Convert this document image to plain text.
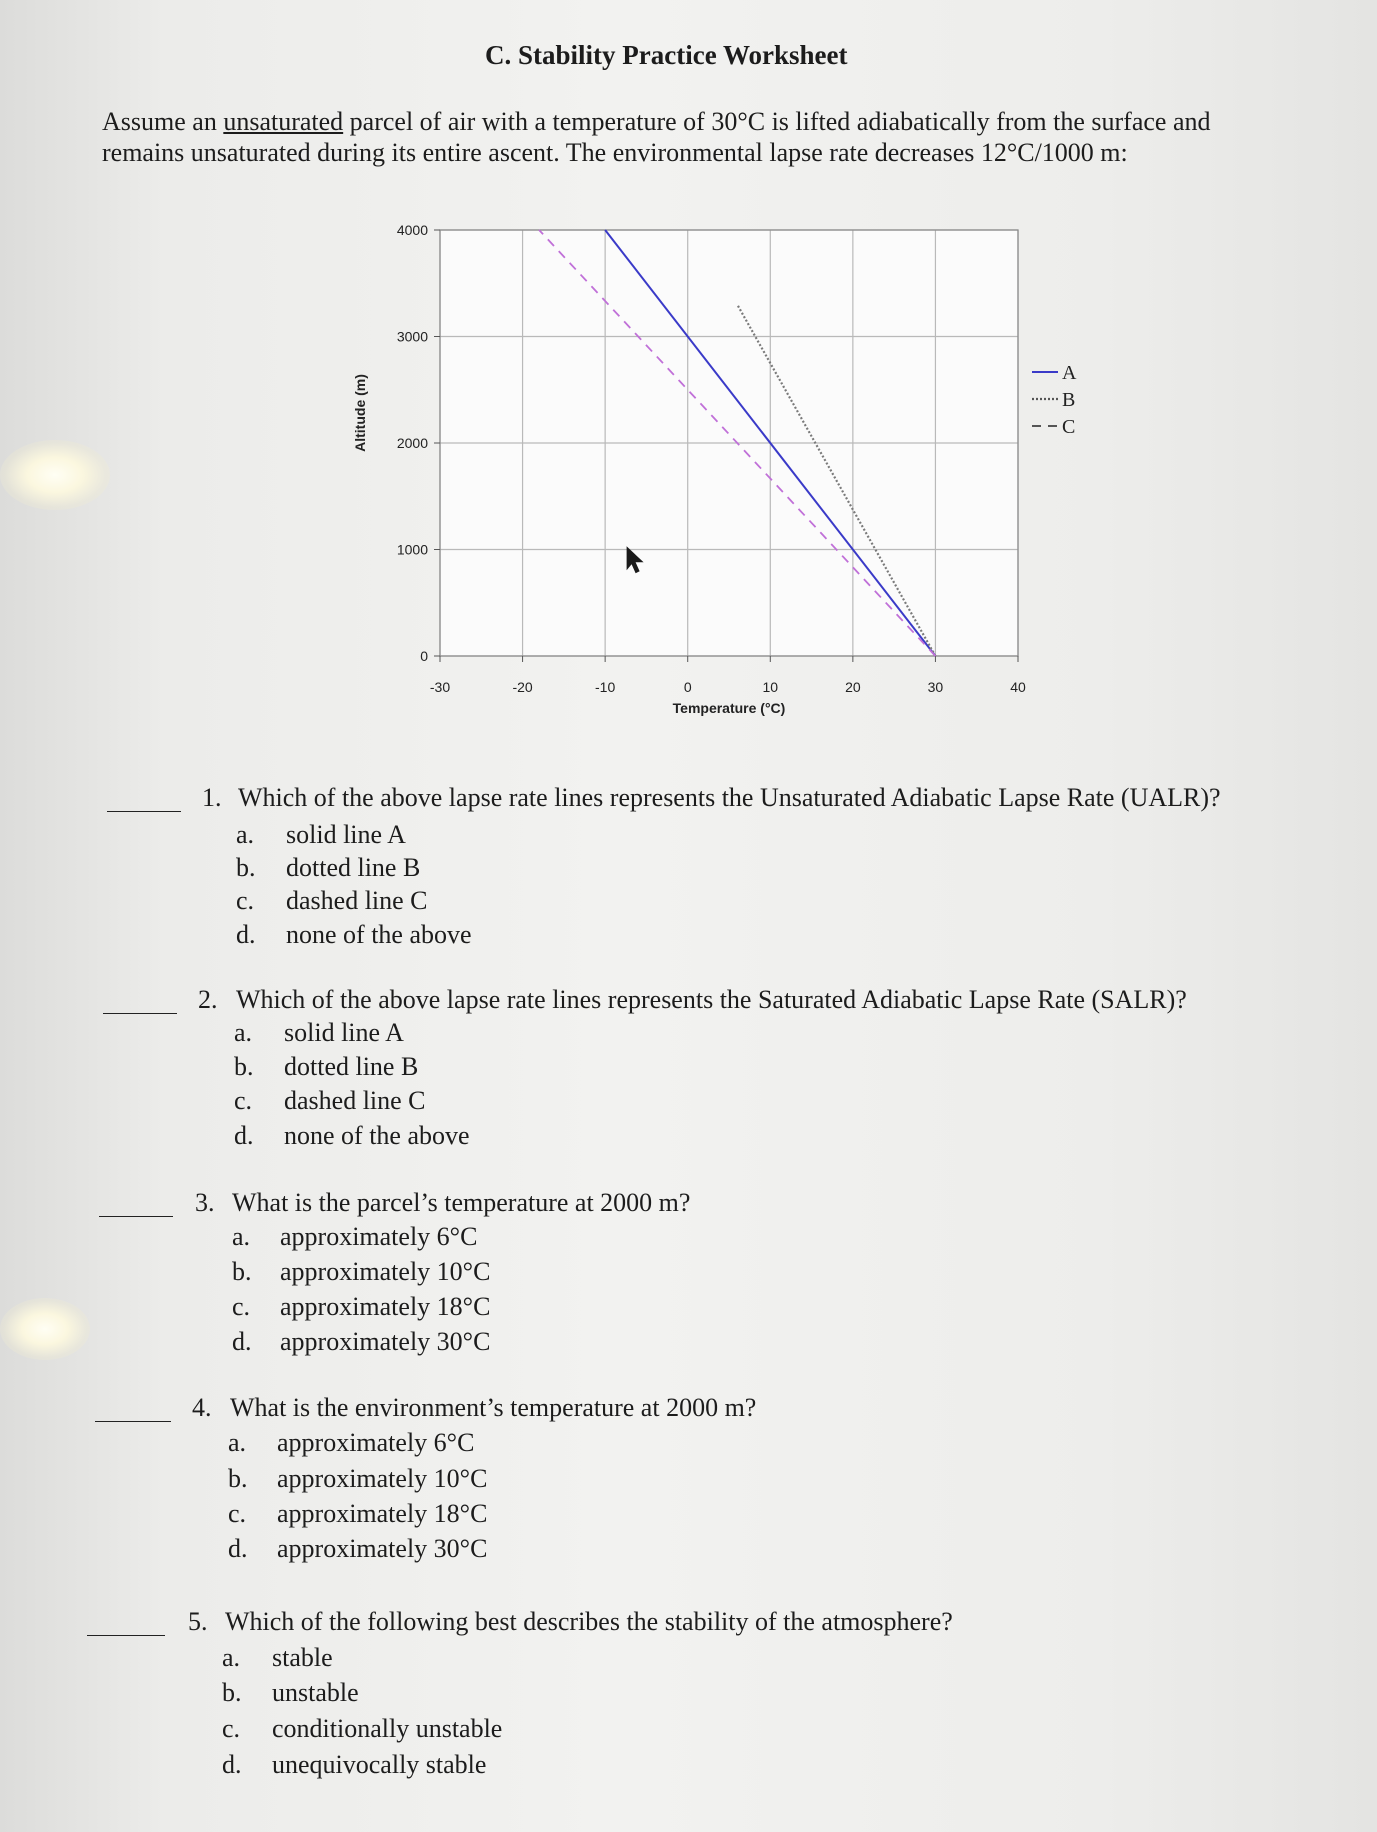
C. Stability Practice Worksheet
Assume an unsaturated parcel of air with a temperature of 30°C is lifted adiabatically from the surface and remains unsaturated during its entire ascent. The environmental lapse rate decreases 12°C/1000 m:
-30	-20	-10	0	10	20	30	40
0
1000
2000
3000
4000
Temperature (°C)
Altitude (m)
A
B
C
1. Which of the above lapse rate lines represents the Unsaturated Adiabatic Lapse Rate (UALR)?
a. solid line A
b. dotted line B
c. dashed line C
d. none of the above
2. Which of the above lapse rate lines represents the Saturated Adiabatic Lapse Rate (SALR)?
a. solid line A
b. dotted line B
c. dashed line C
d. none of the above
3. What is the parcel’s temperature at 2000 m?
a. approximately 6°C
b. approximately 10°C
c. approximately 18°C
d. approximately 30°C
4. What is the environment’s temperature at 2000 m?
a. approximately 6°C
b. approximately 10°C
c. approximately 18°C
d. approximately 30°C
5. Which of the following best describes the stability of the atmosphere?
a. stable
b. unstable
c. conditionally unstable
d. unequivocally stable
